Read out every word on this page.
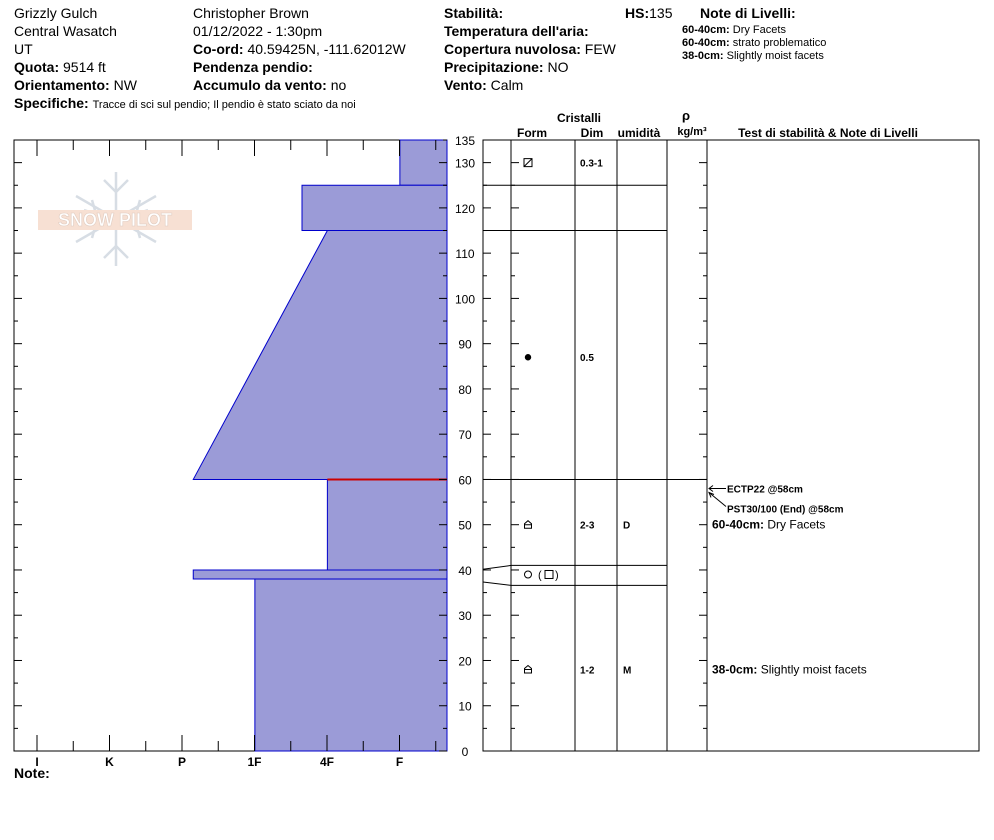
Grizzly Gulch
Central Wasatch
UT
Quota: 9514 ft
Orientamento: NW
Specifiche: Tracce di sci sul pendio; Il pendio è stato sciato da noi
Christopher Brown
01/12/2022 - 1:30pm
Co-ord: 40.59425N, -111.62012W
Pendenza pendio:
Accumulo da vento: no
Stabilità:
Temperatura dell'aria:
Copertura nuvolosa: FEW
Precipitazione: NO
Vento: Calm
HS:135 Note di Livelli:
60-40cm: Dry Facets
60-40cm: strato problematico
38-0cm: Slightly moist facets
Cristalli
Form	Dim umidità
ρ
kg/m³	Test di stabilità & Note di Livelli
SNOW PILOT
0
10
20
30
40
50
60
70
80
90
100
110
120
130
135
I	K	P	1F	4F	F
0.3-1
0.5
2-3	D
( )
1-2	M
ECTP22 @58cm
PST30/100 (End) @58cm
60-40cm: Dry Facets
38-0cm: Slightly moist facets
Note:
